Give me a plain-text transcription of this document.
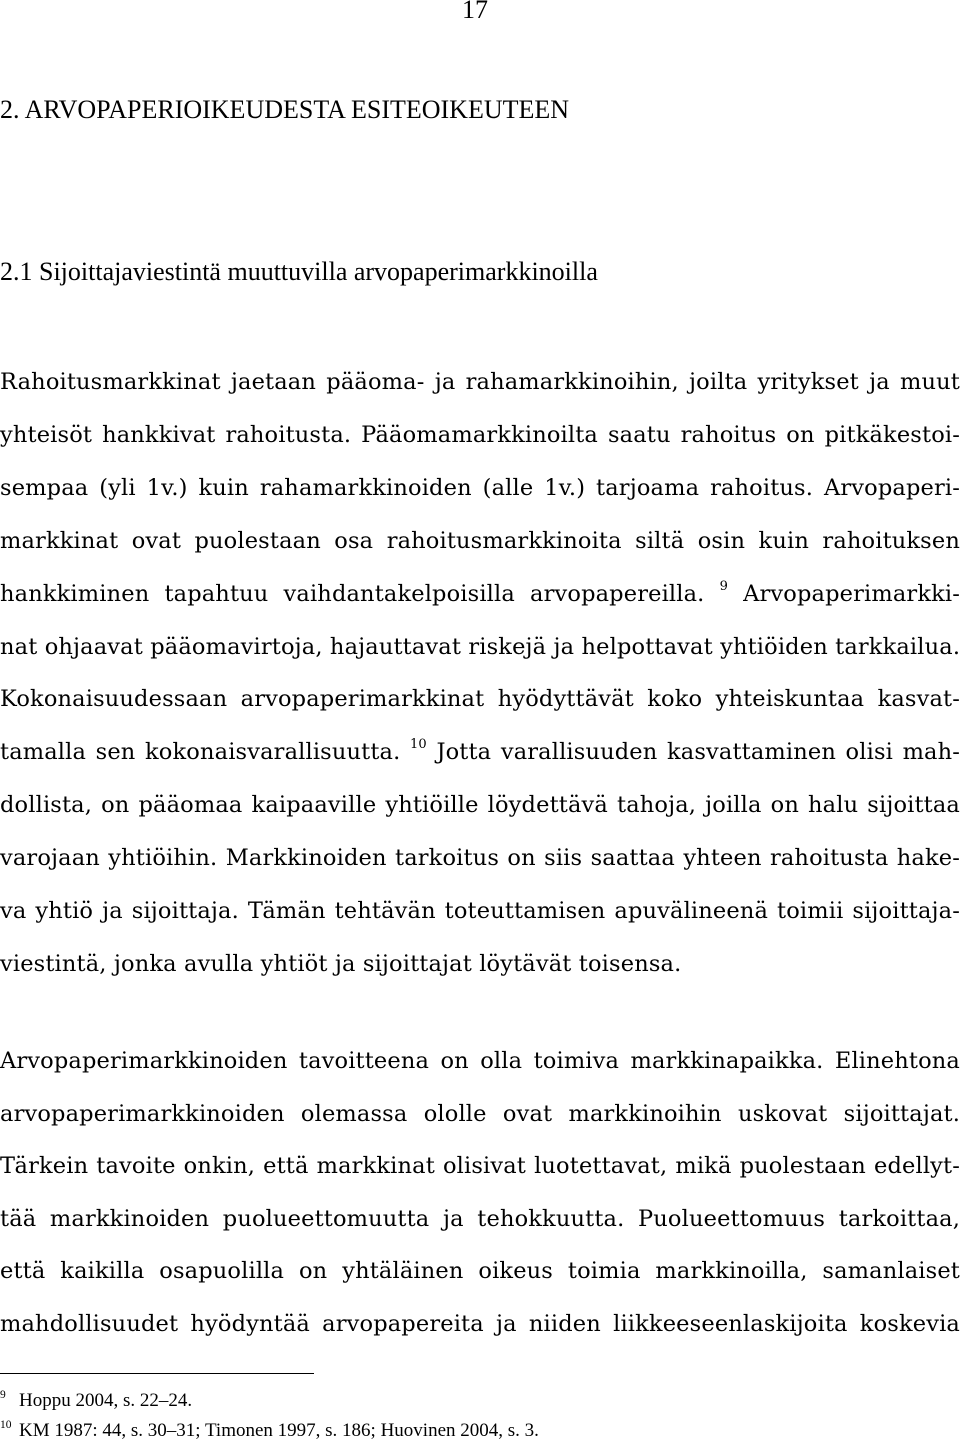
17
2. ARVOPAPERIOIKEUDESTA ESITEOIKEUTEEN
2.1 Sijoittajaviestintä muuttuvilla arvopaperimarkkinoilla
Rahoitusmarkkinat jaetaan pääoma- ja rahamarkkinoihin, joilta yritykset ja muut
yhteisöt hankkivat rahoitusta. Pääomamarkkinoilta saatu rahoitus on pitkäkestoi-
sempaa (yli 1v.) kuin rahamarkkinoiden (alle 1v.) tarjoama rahoitus. Arvopaperi-
markkinat ovat puolestaan osa rahoitusmarkkinoita siltä osin kuin rahoituksen
hankkiminen tapahtuu vaihdantakelpoisilla arvopapereilla. $^9$ Arvopaperimarkki-
nat ohjaavat pääomavirtoja, hajauttavat riskejä ja helpottavat yhtiöiden tarkkailua.
Kokonaisuudessaan arvopaperimarkkinat hyödyttävät koko yhteiskuntaa kasvat-
tamalla sen kokonaisvarallisuutta. $^{10}$ Jotta varallisuuden kasvattaminen olisi mah-
dollista, on pääomaa kaipaaville yhtiöille löydettävä tahoja, joilla on halu sijoittaa
varojaan yhtiöihin. Markkinoiden tarkoitus on siis saattaa yhteen rahoitusta hake-
va yhtiö ja sijoittaja. Tämän tehtävän toteuttamisen apuvälineenä toimii sijoittaja-
viestintä, jonka avulla yhtiöt ja sijoittajat löytävät toisensa.
Arvopaperimarkkinoiden tavoitteena on olla toimiva markkinapaikka. Elinehtona
arvopaperimarkkinoiden olemassa ololle ovat markkinoihin uskovat sijoittajat.
Tärkein tavoite onkin, että markkinat olisivat luotettavat, mikä puolestaan edellyt-
tää markkinoiden puolueettomuutta ja tehokkuutta. Puolueettomuus tarkoittaa,
että kaikilla osapuolilla on yhtäläinen oikeus toimia markkinoilla, samanlaiset
mahdollisuudet hyödyntää arvopapereita ja niiden liikkeeseenlaskijoita koskevia
9 Hoppu 2004, s. 22–24.
10 KM 1987: 44, s. 30–31; Timonen 1997, s. 186; Huovinen 2004, s. 3.
